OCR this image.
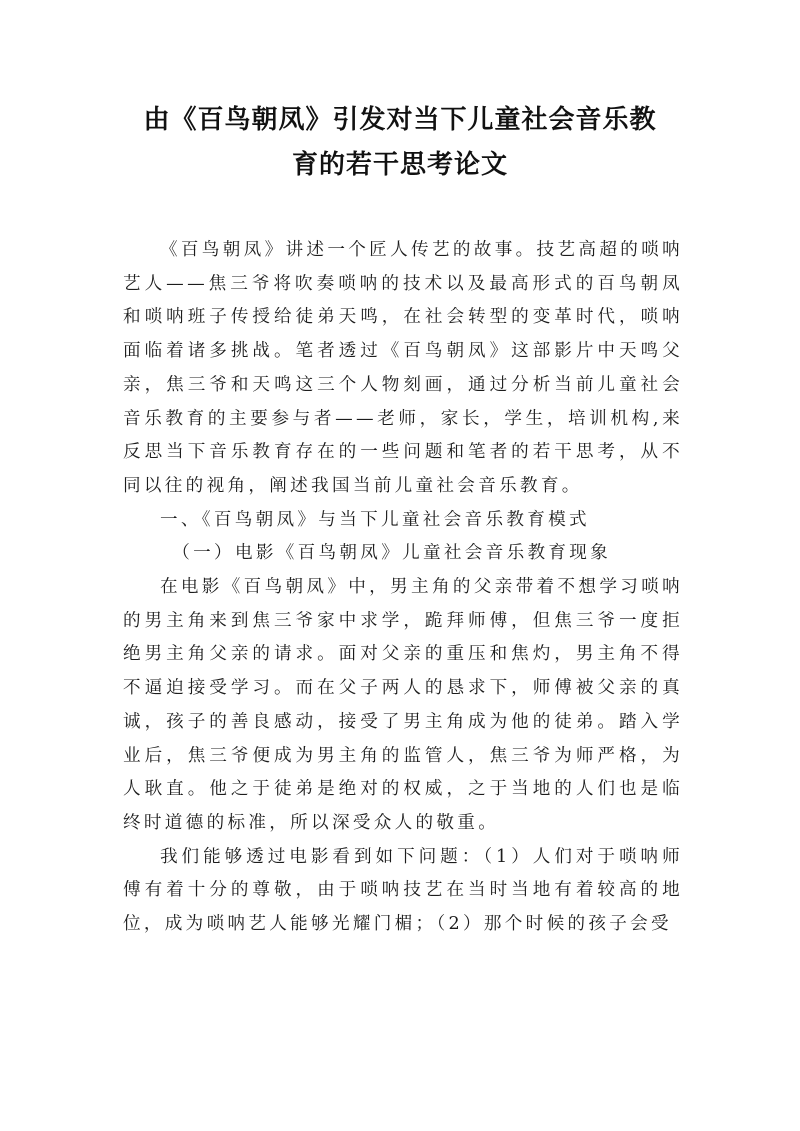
由《百鸟朝凤》引发对当下儿童社会音乐教
育的若干思考论文

《百鸟朝凤》讲述一个匠人传艺的故事。技艺高超的唢呐艺人——焦三爷将吹奏唢呐的技术以及最高形式的百鸟朝凤和唢呐班子传授给徒弟天鸣，在社会转型的变革时代，唢呐面临着诸多挑战。笔者透过《百鸟朝凤》这部影片中天鸣父亲，焦三爷和天鸣这三个人物刻画，通过分析当前儿童社会音乐教育的主要参与者——老师，家长，学生，培训机构,来反思当下音乐教育存在的一些问题和笔者的若干思考，从不同以往的视角，阐述我国当前儿童社会音乐教育。

一、《百鸟朝凤》与当下儿童社会音乐教育模式

（一）电影《百鸟朝凤》儿童社会音乐教育现象

在电影《百鸟朝凤》中，男主角的父亲带着不想学习唢呐的男主角来到焦三爷家中求学，跪拜师傅，但焦三爷一度拒绝男主角父亲的请求。面对父亲的重压和焦灼，男主角不得不逼迫接受学习。而在父子两人的恳求下，师傅被父亲的真诚，孩子的善良感动，接受了男主角成为他的徒弟。踏入学业后，焦三爷便成为男主角的监管人，焦三爷为师严格，为人耿直。他之于徒弟是绝对的权威，之于当地的人们也是临终时道德的标准，所以深受众人的敬重。

我们能够透过电影看到如下问题：（1）人们对于唢呐师傅有着十分的尊敬，由于唢呐技艺在当时当地有着较高的地位，成为唢呐艺人能够光耀门楣；（2）那个时候的孩子会受
